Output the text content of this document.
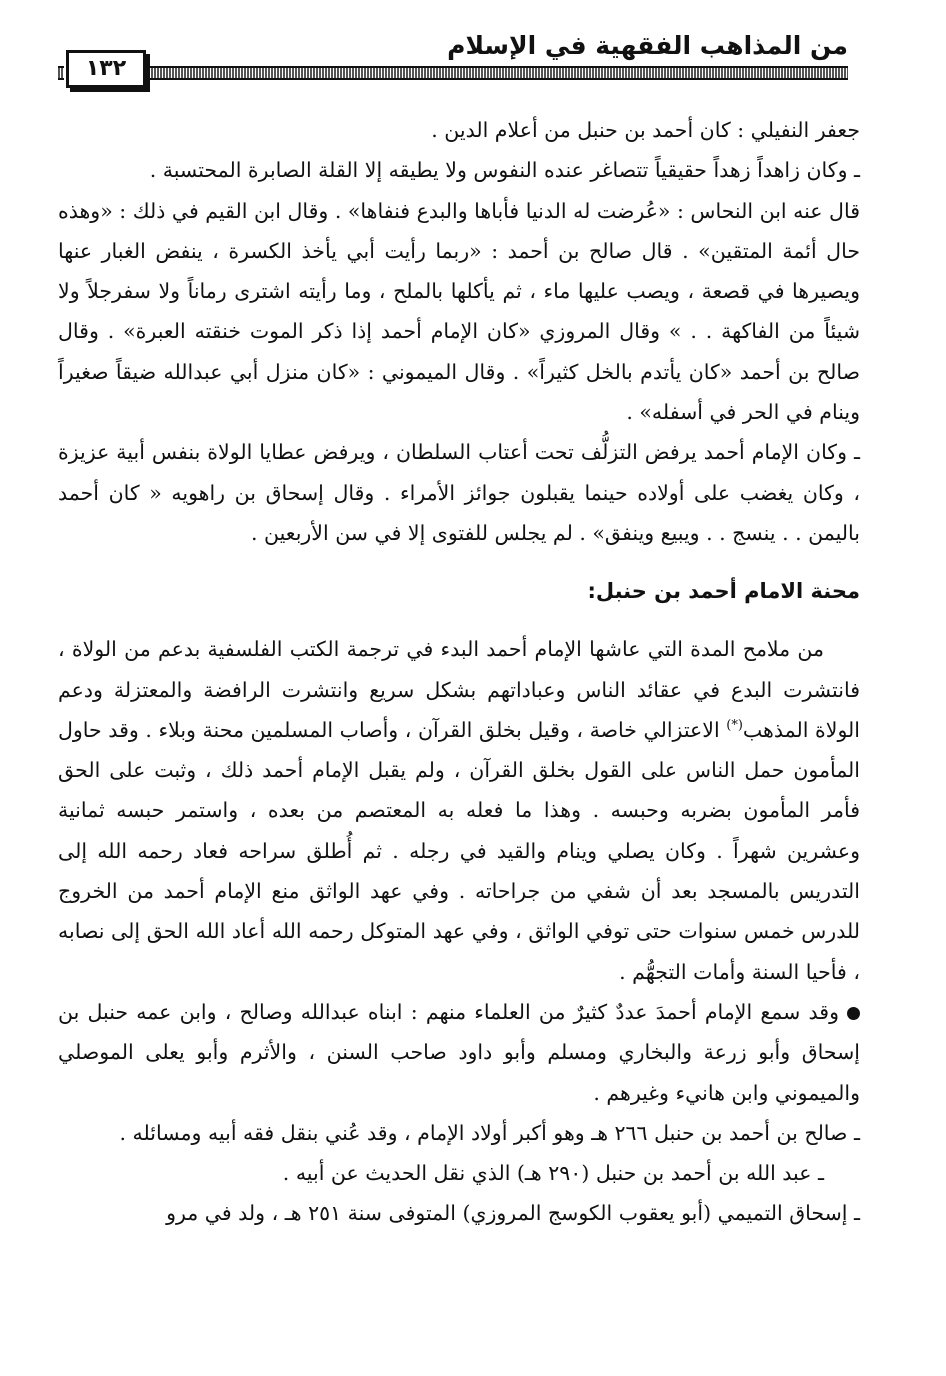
من المذاهب الفقهية في الإسلام
١٣٢

جعفر النفيلي : كان أحمد بن حنبل من أعلام الدين .

ـ وكان زاهداً زهداً حقيقياً تتصاغر عنده النفوس ولا يطيقه إلا القلة الصابرة المحتسبة .

قال عنه ابن النحاس : «عُرضت له الدنيا فأباها والبدع فنفاها» . وقال ابن القيم في ذلك : «وهذه حال أئمة المتقين» . قال صالح بن أحمد : «ربما رأيت أبي يأخذ الكسرة ، ينفض الغبار عنها ويصيرها في قصعة ، ويصب عليها ماء ، ثم يأكلها بالملح ، وما رأيته اشترى رماناً ولا سفرجلاً ولا شيئاً من الفاكهة . . » وقال المروزي «كان الإمام أحمد إذا ذكر الموت خنقته العبرة» . وقال صالح بن أحمد «كان يأتدم بالخل كثيراً» . وقال الميموني : «كان منزل أبي عبدالله ضيقاً صغيراً وينام في الحر في أسفله» .

ـ وكان الإمام أحمد يرفض التزلُّف تحت أعتاب السلطان ، ويرفض عطايا الولاة بنفس أبية عزيزة ، وكان يغضب على أولاده حينما يقبلون جوائز الأمراء . وقال إسحاق بن راهويه « كان أحمد باليمن . . ينسج . . ويبيع وينفق» . لم يجلس للفتوى إلا في سن الأربعين .

محنة الامام أحمد بن حنبل:

من ملامح المدة التي عاشها الإمام أحمد البدء في ترجمة الكتب الفلسفية بدعم من الولاة ، فانتشرت البدع في عقائد الناس وعباداتهم بشكل سريع وانتشرت الرافضة والمعتزلة ودعم الولاة المذهب(*) الاعتزالي خاصة ، وقيل بخلق القرآن ، وأصاب المسلمين محنة وبلاء . وقد حاول المأمون حمل الناس على القول بخلق القرآن ، ولم يقبل الإمام أحمد ذلك ، وثبت على الحق فأمر المأمون بضربه وحبسه . وهذا ما فعله به المعتصم من بعده ، واستمر حبسه ثمانية وعشرين شهراً . وكان يصلي وينام والقيد في رجله . ثم أُطلق سراحه فعاد رحمه الله إلى التدريس بالمسجد بعد أن شفي من جراحاته . وفي عهد الواثق منع الإمام أحمد من الخروج للدرس خمس سنوات حتى توفي الواثق ، وفي عهد المتوكل رحمه الله أعاد الله الحق إلى نصابه ، فأحيا السنة وأمات التجهُّم .

وقد سمع الإمام أحمدَ عددٌ كثيرٌ من العلماء منهم : ابناه عبدالله وصالح ، وابن عمه حنبل بن إسحاق وأبو زرعة والبخاري ومسلم وأبو داود صاحب السنن ، والأثرم وأبو يعلى الموصلي والميموني وابن هانيء وغيرهم .

ـ صالح بن أحمد بن حنبل ٢٦٦ هـ وهو أكبر أولاد الإمام ، وقد عُني بنقل فقه أبيه ومسائله .

ـ عبد الله بن أحمد بن حنبل (٢٩٠ هـ) الذي نقل الحديث عن أبيه .

ـ إسحاق التميمي (أبو يعقوب الكوسج المروزي) المتوفى سنة ٢٥١ هـ ، ولد في مرو
